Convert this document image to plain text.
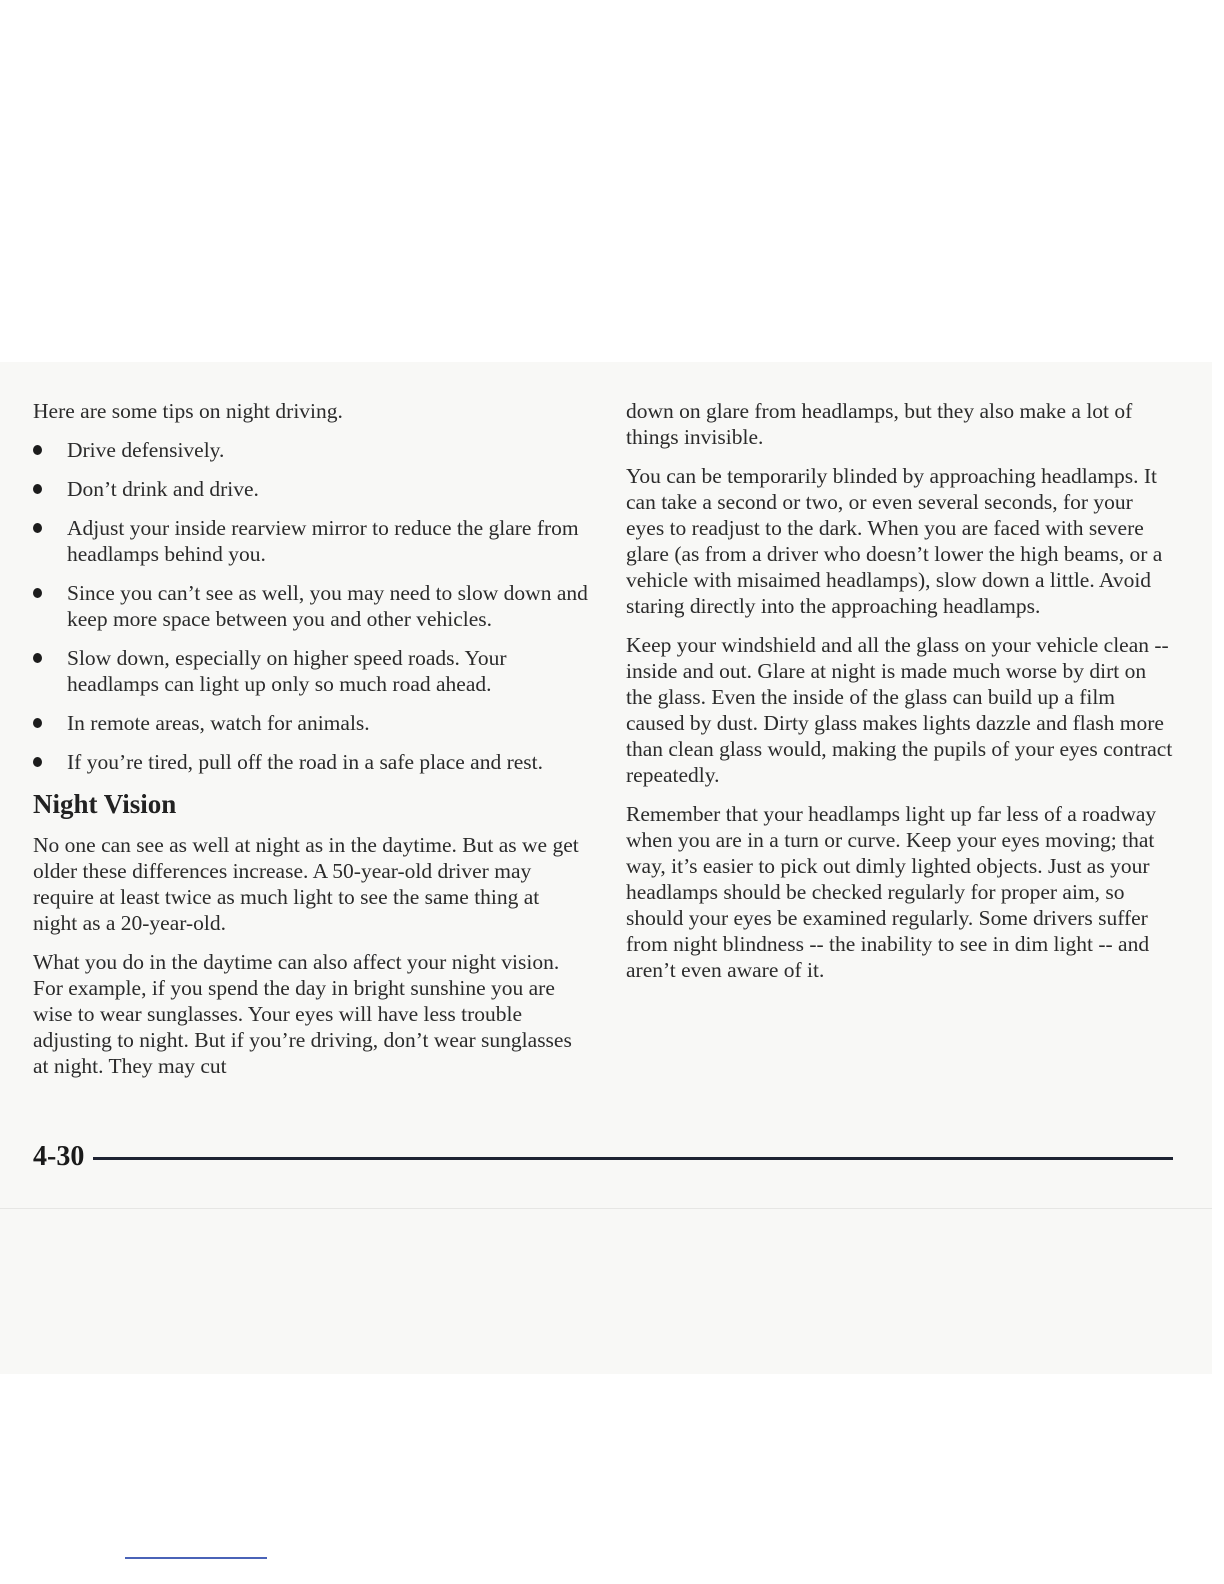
Here are some tips on night driving.

Drive defensively.
Don’t drink and drive.
Adjust your inside rearview mirror to reduce the glare from headlamps behind you.
Since you can’t see as well, you may need to slow down and keep more space between you and other vehicles.
Slow down, especially on higher speed roads. Your headlamps can light up only so much road ahead.
In remote areas, watch for animals.
If you’re tired, pull off the road in a safe place and rest.
Night Vision

No one can see as well at night as in the daytime. But as we get older these differences increase. A 50-year-old driver may require at least twice as much light to see the same thing at night as a 20-year-old.

What you do in the daytime can also affect your night vision. For example, if you spend the day in bright sunshine you are wise to wear sunglasses. Your eyes will have less trouble adjusting to night. But if you’re driving, don’t wear sunglasses at night. They may cut

down on glare from headlamps, but they also make a lot of things invisible.

You can be temporarily blinded by approaching headlamps. It can take a second or two, or even several seconds, for your eyes to readjust to the dark. When you are faced with severe glare (as from a driver who doesn’t lower the high beams, or a vehicle with misaimed headlamps), slow down a little. Avoid staring directly into the approaching headlamps.

Keep your windshield and all the glass on your vehicle clean -- inside and out. Glare at night is made much worse by dirt on the glass. Even the inside of the glass can build up a film caused by dust. Dirty glass makes lights dazzle and flash more than clean glass would, making the pupils of your eyes contract repeatedly.

Remember that your headlamps light up far less of a roadway when you are in a turn or curve. Keep your eyes moving; that way, it’s easier to pick out dimly lighted objects. Just as your headlamps should be checked regularly for proper aim, so should your eyes be examined regularly. Some drivers suffer from night blindness -- the inability to see in dim light -- and aren’t even aware of it.

4-30
